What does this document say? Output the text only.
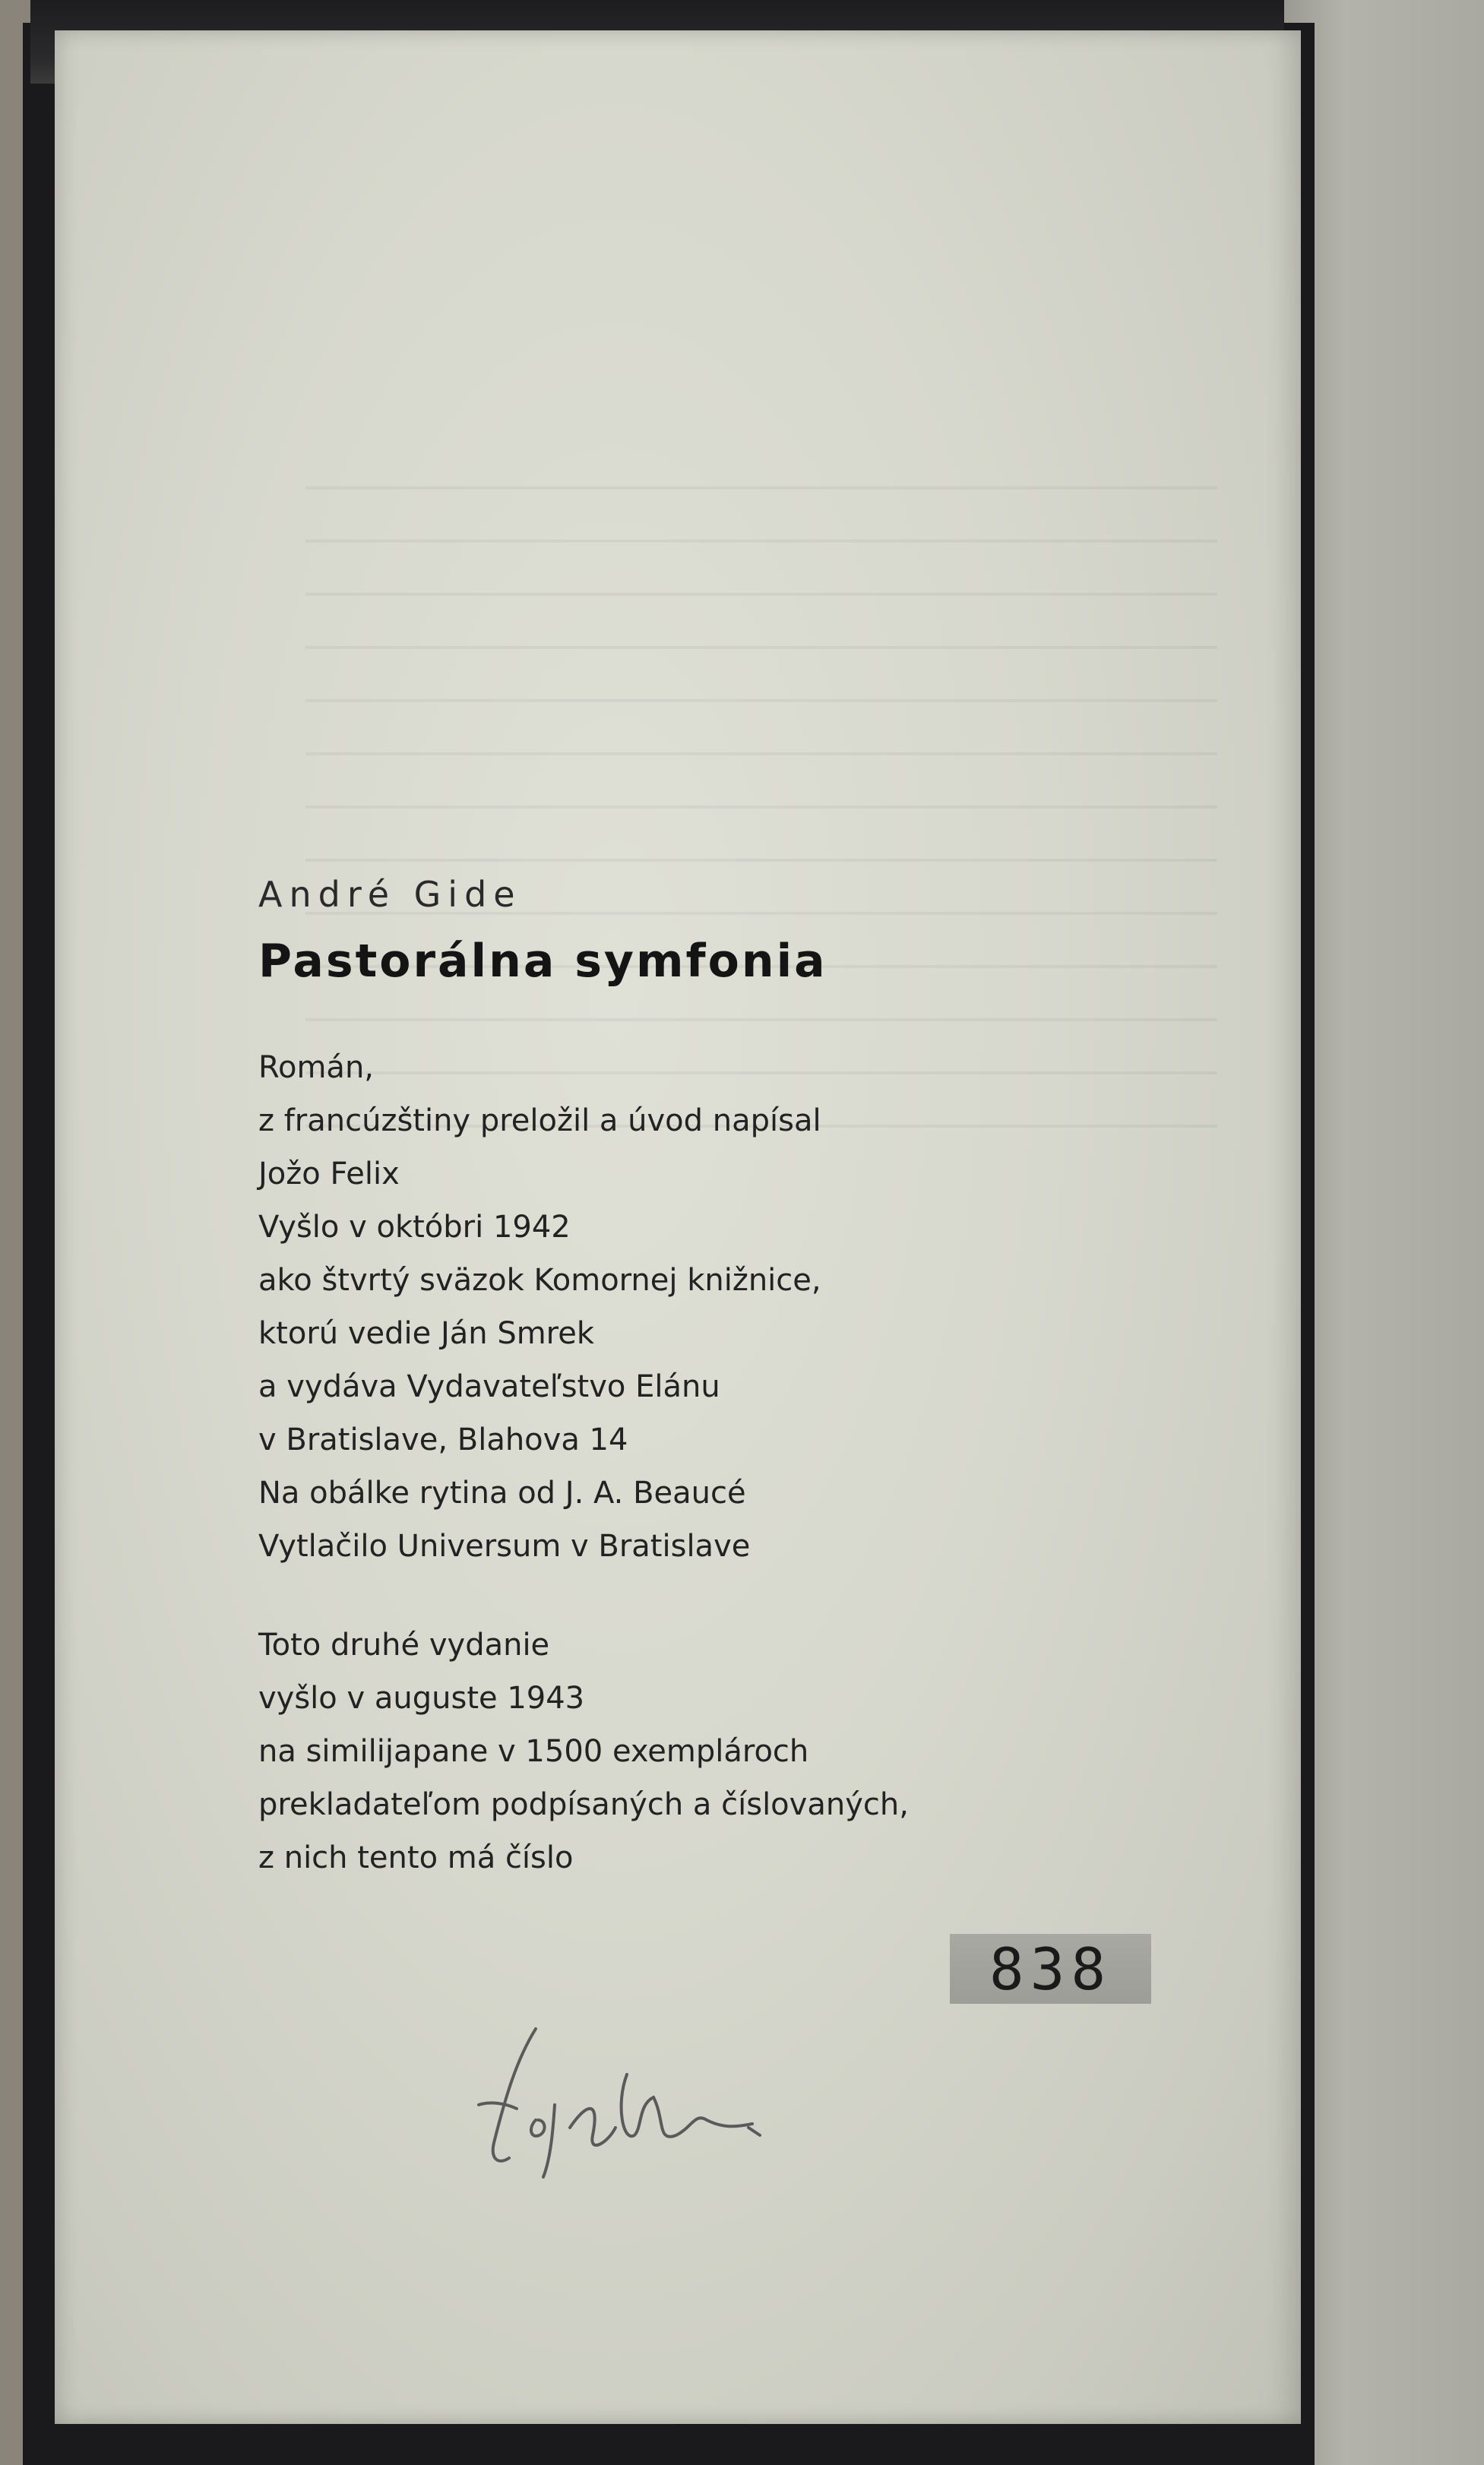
André Gide
Pastorálna symfonia
Román,
z francúzštiny preložil a úvod napísal
Jožo Felix
Vyšlo v októbri 1942
ako štvrtý sväzok Komornej knižnice,
ktorú vedie Ján Smrek
a vydáva Vydavateľstvo Elánu
v Bratislave, Blahova 14
Na obálke rytina od J. A. Beaucé
Vytlačilo Universum v Bratislave
Toto druhé vydanie
vyšlo v auguste 1943
na similijapane v 1500 exemplároch
prekladateľom podpísaných a číslovaných,
z nich tento má číslo
838
